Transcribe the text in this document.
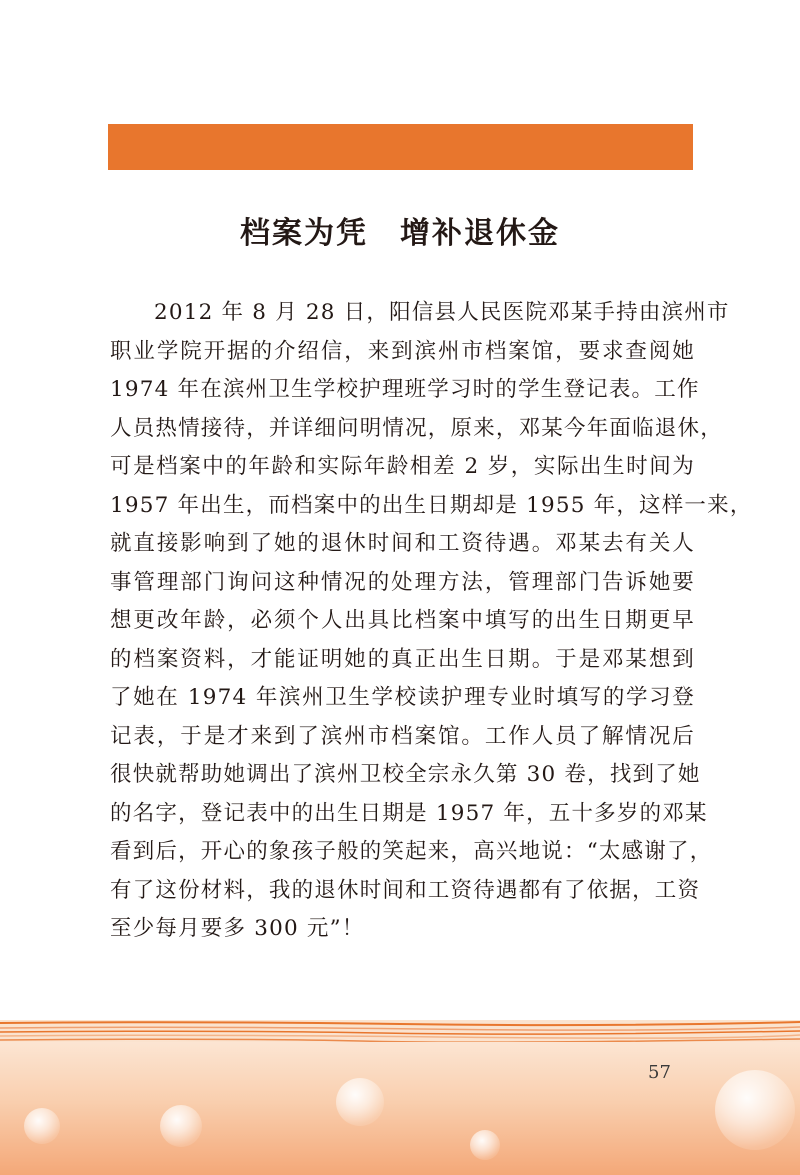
档案为凭　增补退休金
2012 年 8 月 28 日，阳信县人民医院邓某手持由滨州市
职业学院开据的介绍信，来到滨州市档案馆，要求查阅她
1974 年在滨州卫生学校护理班学习时的学生登记表。工作
人员热情接待，并详细问明情况，原来，邓某今年面临退休，
可是档案中的年龄和实际年龄相差 2 岁，实际出生时间为
1957 年出生，而档案中的出生日期却是 1955 年，这样一来，
就直接影响到了她的退休时间和工资待遇。邓某去有关人
事管理部门询问这种情况的处理方法，管理部门告诉她要
想更改年龄，必须个人出具比档案中填写的出生日期更早
的档案资料，才能证明她的真正出生日期。于是邓某想到
了她在 1974 年滨州卫生学校读护理专业时填写的学习登
记表，于是才来到了滨州市档案馆。工作人员了解情况后
很快就帮助她调出了滨州卫校全宗永久第 30 卷，找到了她
的名字，登记表中的出生日期是 1957 年，五十多岁的邓某
看到后，开心的象孩子般的笑起来，高兴地说：“太感谢了，
有了这份材料，我的退休时间和工资待遇都有了依据，工资
至少每月要多 300 元”！
57
